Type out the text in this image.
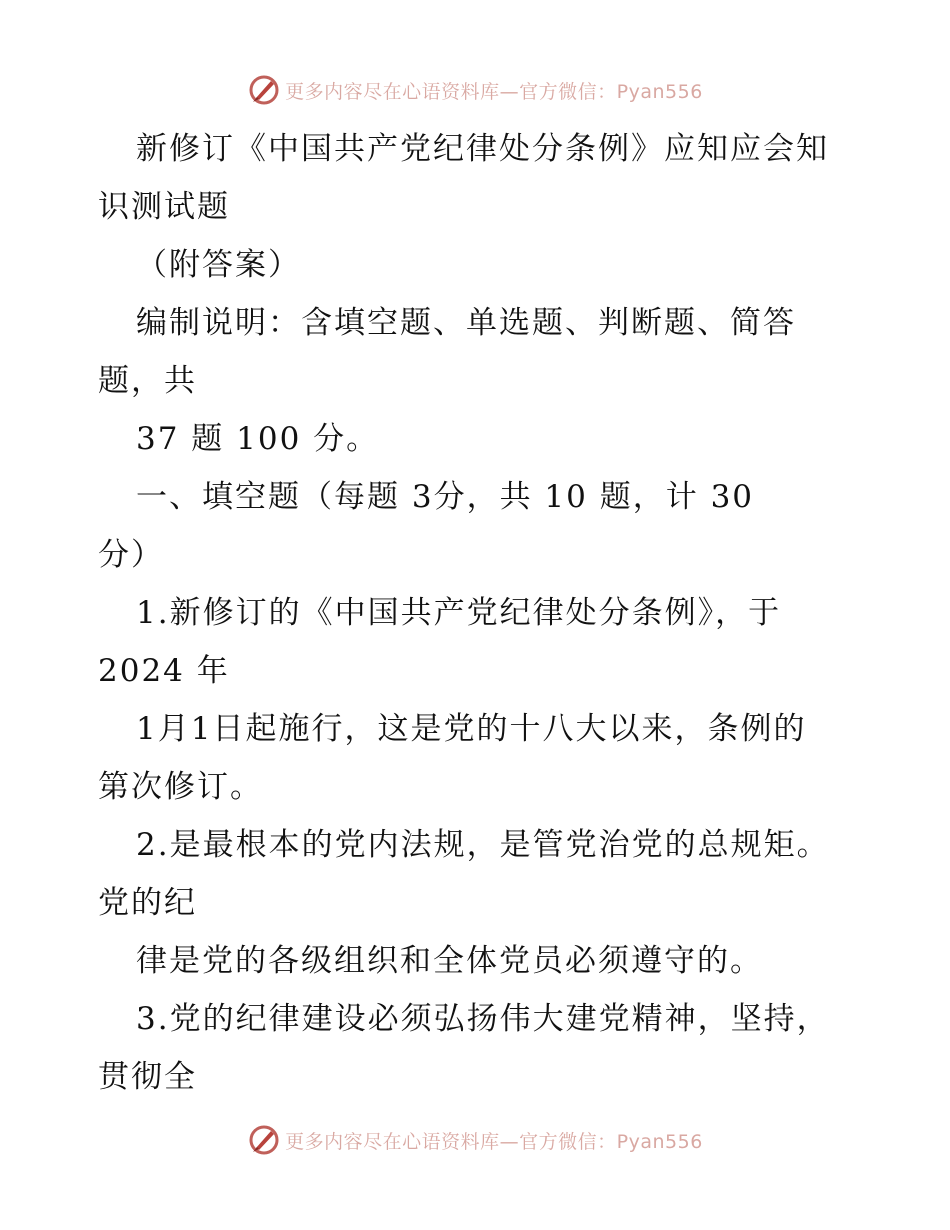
更多内容尽在心语资料库—官方微信：Pyan556
新修订《中国共产党纪律处分条例》应知应会知
识测试题
（附答案）
编制说明：含填空题、单选题、判断题、简答
题，共
37 题 100 分。
一、填空题（每题 3分，共 10 题，计 30
分）
1.新修订的《中国共产党纪律处分条例》，于
2024 年
1月1日起施行，这是党的十八大以来，条例的
第次修订。
2.是最根本的党内法规，是管党治党的总规矩。
党的纪
律是党的各级组织和全体党员必须遵守的。
3.党的纪律建设必须弘扬伟大建党精神，坚持，
贯彻全
更多内容尽在心语资料库—官方微信：Pyan556
